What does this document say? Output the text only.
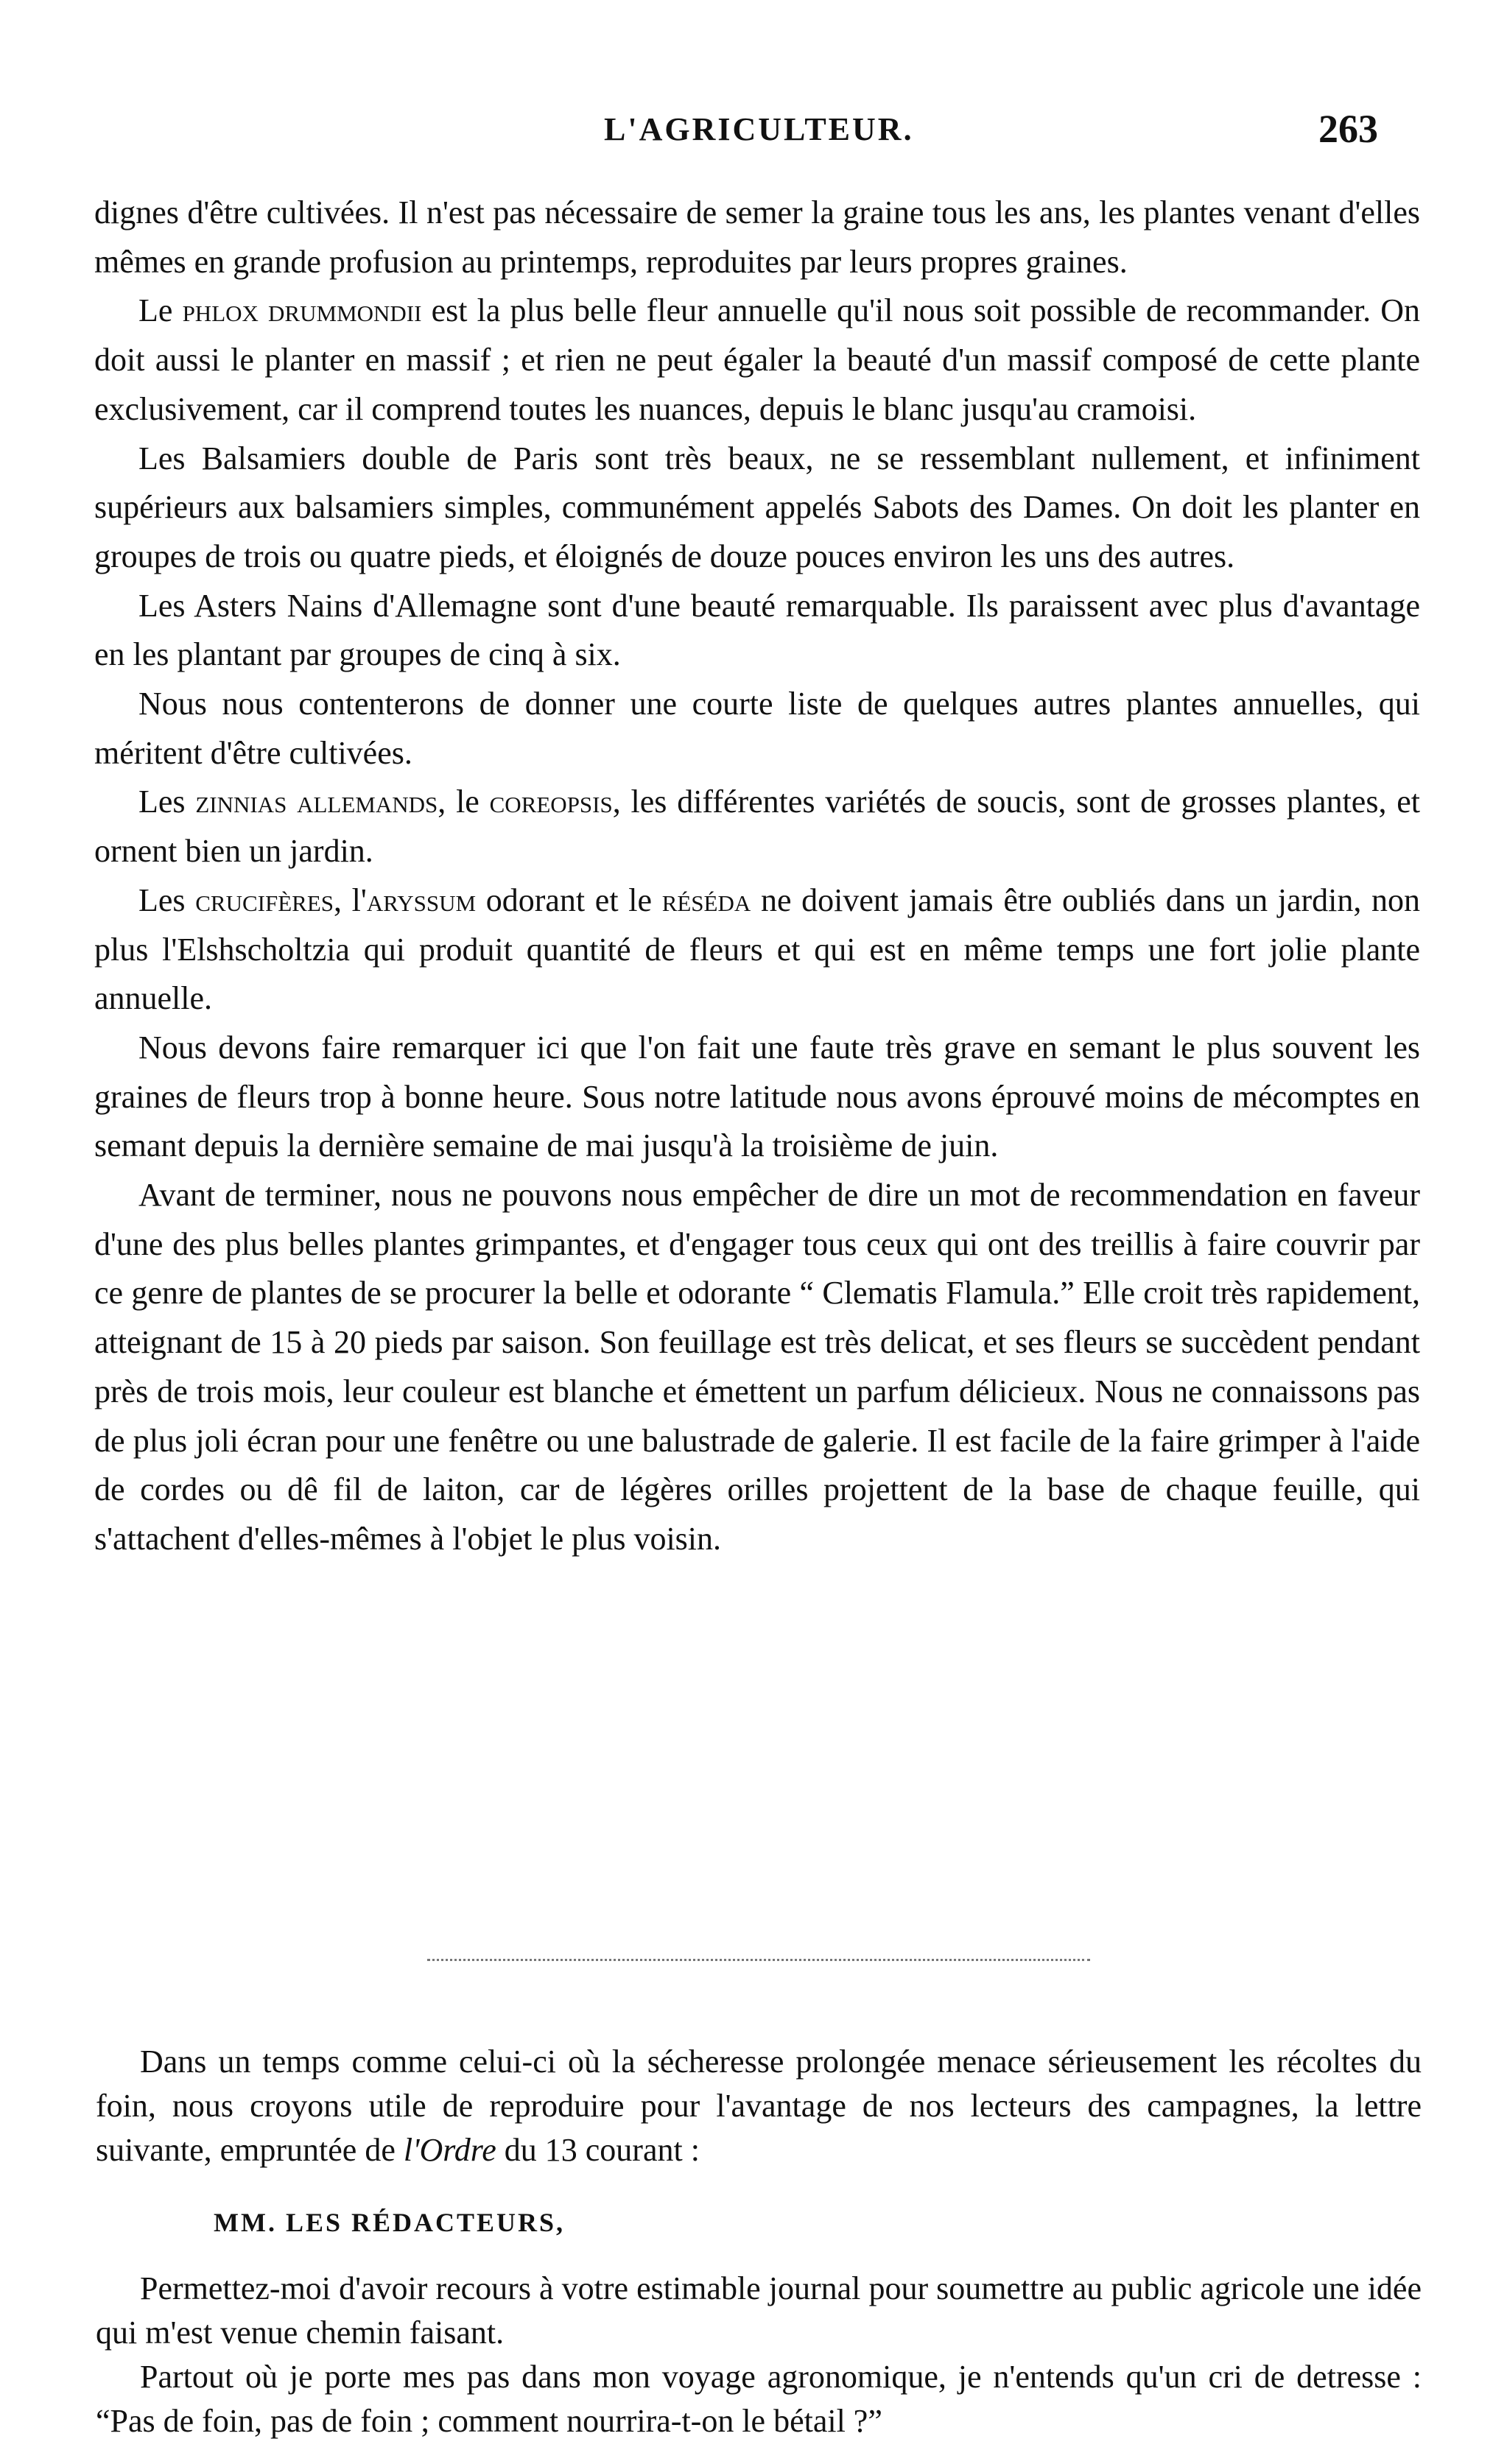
L'AGRICULTEUR.	263

dignes d'être cultivées. Il n'est pas nécessaire de semer la graine tous les ans, les plantes venant d'elles mêmes en grande profusion au printemps, reproduites par leurs propres graines.

Le phlox drummondii est la plus belle fleur annuelle qu'il nous soit possible de recommander. On doit aussi le planter en massif ; et rien ne peut égaler la beauté d'un massif composé de cette plante exclusivement, car il comprend toutes les nuances, depuis le blanc jusqu'au cramoisi.

Les Balsamiers double de Paris sont très beaux, ne se ressemblant nullement, et infiniment supérieurs aux balsamiers simples, communément appelés Sabots des Dames. On doit les planter en groupes de trois ou quatre pieds, et éloignés de douze pouces environ les uns des autres.

Les Asters Nains d'Allemagne sont d'une beauté remarquable. Ils paraissent avec plus d'avantage en les plantant par groupes de cinq à six.

Nous nous contenterons de donner une courte liste de quelques autres plantes annuelles, qui méritent d'être cultivées.

Les zinnias allemands, le coreopsis, les différentes variétés de soucis, sont de grosses plantes, et ornent bien un jardin.

Les crucifères, l'aryssum odorant et le réséda ne doivent jamais être oubliés dans un jardin, non plus l'Elshscholtzia qui produit quantité de fleurs et qui est en même temps une fort jolie plante annuelle.

Nous devons faire remarquer ici que l'on fait une faute très grave en semant le plus souvent les graines de fleurs trop à bonne heure. Sous notre latitude nous avons éprouvé moins de mécomptes en semant depuis la dernière semaine de mai jusqu'à la troisième de juin.

Avant de terminer, nous ne pouvons nous empêcher de dire un mot de recommendation en faveur d'une des plus belles plantes grimpantes, et d'engager tous ceux qui ont des treillis à faire couvrir par ce genre de plantes de se procurer la belle et odorante “ Clematis Flamula.” Elle croit très rapidement, atteignant de 15 à 20 pieds par saison. Son feuillage est très delicat, et ses fleurs se succèdent pendant près de trois mois, leur couleur est blanche et émettent un parfum délicieux. Nous ne connaissons pas de plus joli écran pour une fenêtre ou une balustrade de galerie. Il est facile de la faire grimper à l'aide de cordes ou dê fil de laiton, car de légères orilles projettent de la base de chaque feuille, qui s'attachent d'elles-mêmes à l'objet le plus voisin.

Dans un temps comme celui-ci où la sécheresse prolongée menace sérieusement les récoltes du foin, nous croyons utile de reproduire pour l'avantage de nos lecteurs des campagnes, la lettre suivante, empruntée de l'Ordre du 13 courant :

MM. LES RÉDACTEURS,

Permettez-moi d'avoir recours à votre estimable journal pour soumettre au public agricole une idée qui m'est venue chemin faisant.

Partout où je porte mes pas dans mon voyage agronomique, je n'entends qu'un cri de detresse : “Pas de foin, pas de foin ; comment nourrira-t-on le bétail ?”
